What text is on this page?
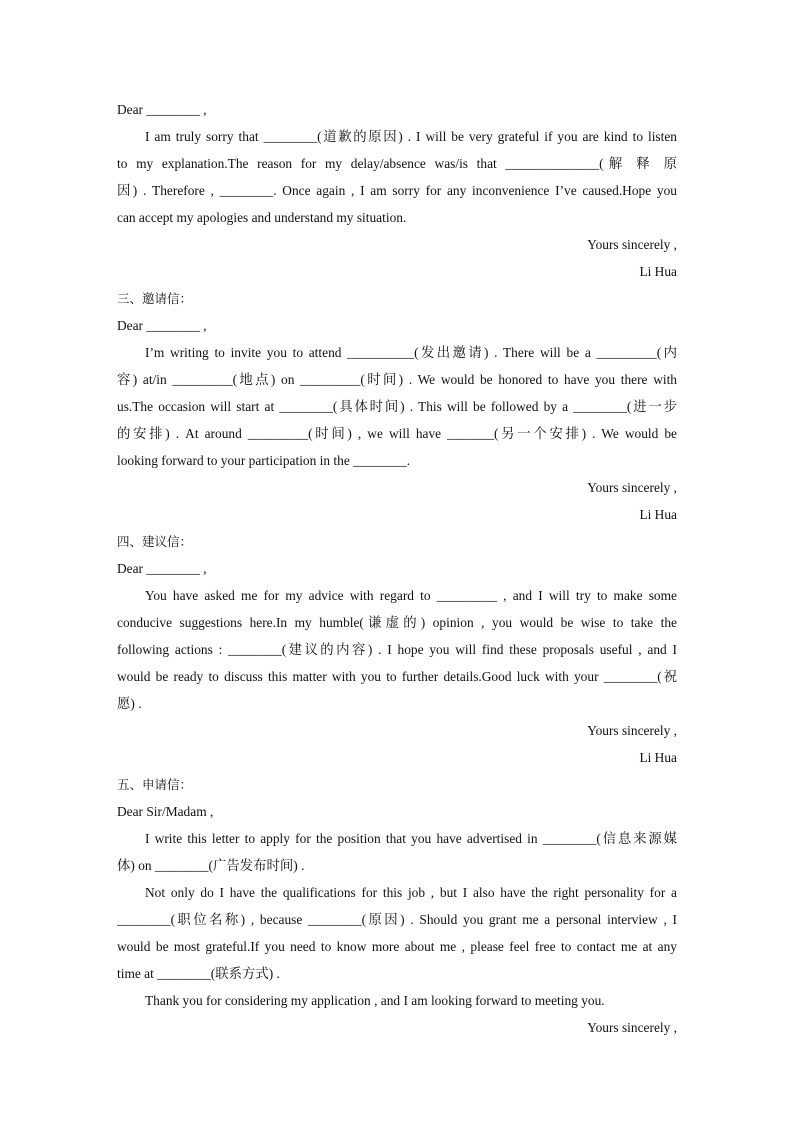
Dear ________ ,
I am truly sorry that ________(道歉的原因) . I will be very grateful if you are kind to listen
to my explanation.The reason for my delay/absence was/is that ______________(解 释 原
因) . Therefore , ________. Once again , I am sorry for any inconvenience I’ve caused.Hope you
can accept my apologies and understand my situation.
Yours sincerely ,
Li Hua
三、邀请信：
Dear ________ ,
I’m writing to invite you to attend __________(发出邀请) . There will be a _________(内
容) at/in _________(地点) on _________(时间) . We would be honored to have you there with
us.The occasion will start at ________(具体时间) . This will be followed by a ________(进一步
的安排) . At around _________(时间) , we will have _______(另一个安排) . We would be
looking forward to your participation in the ________.
Yours sincerely ,
Li Hua
四、建议信：
Dear ________ ,
You have asked me for my advice with regard to _________ , and I will try to make some
conducive suggestions here.In my humble(谦虚的) opinion , you would be wise to take the
following actions : ________(建议的内容) . I hope you will find these proposals useful , and I
would be ready to discuss this matter with you to further details.Good luck with your ________(祝
愿) .
Yours sincerely ,
Li Hua
五、申请信：
Dear Sir/Madam ,
I write this letter to apply for the position that you have advertised in ________(信息来源媒
体) on ________(广告发布时间) .
Not only do I have the qualifications for this job , but I also have the right personality for a
________(职位名称) , because ________(原因) . Should you grant me a personal interview , I
would be most grateful.If you need to know more about me , please feel free to contact me at any
time at ________(联系方式) .
Thank you for considering my application , and I am looking forward to meeting you.
Yours sincerely ,
